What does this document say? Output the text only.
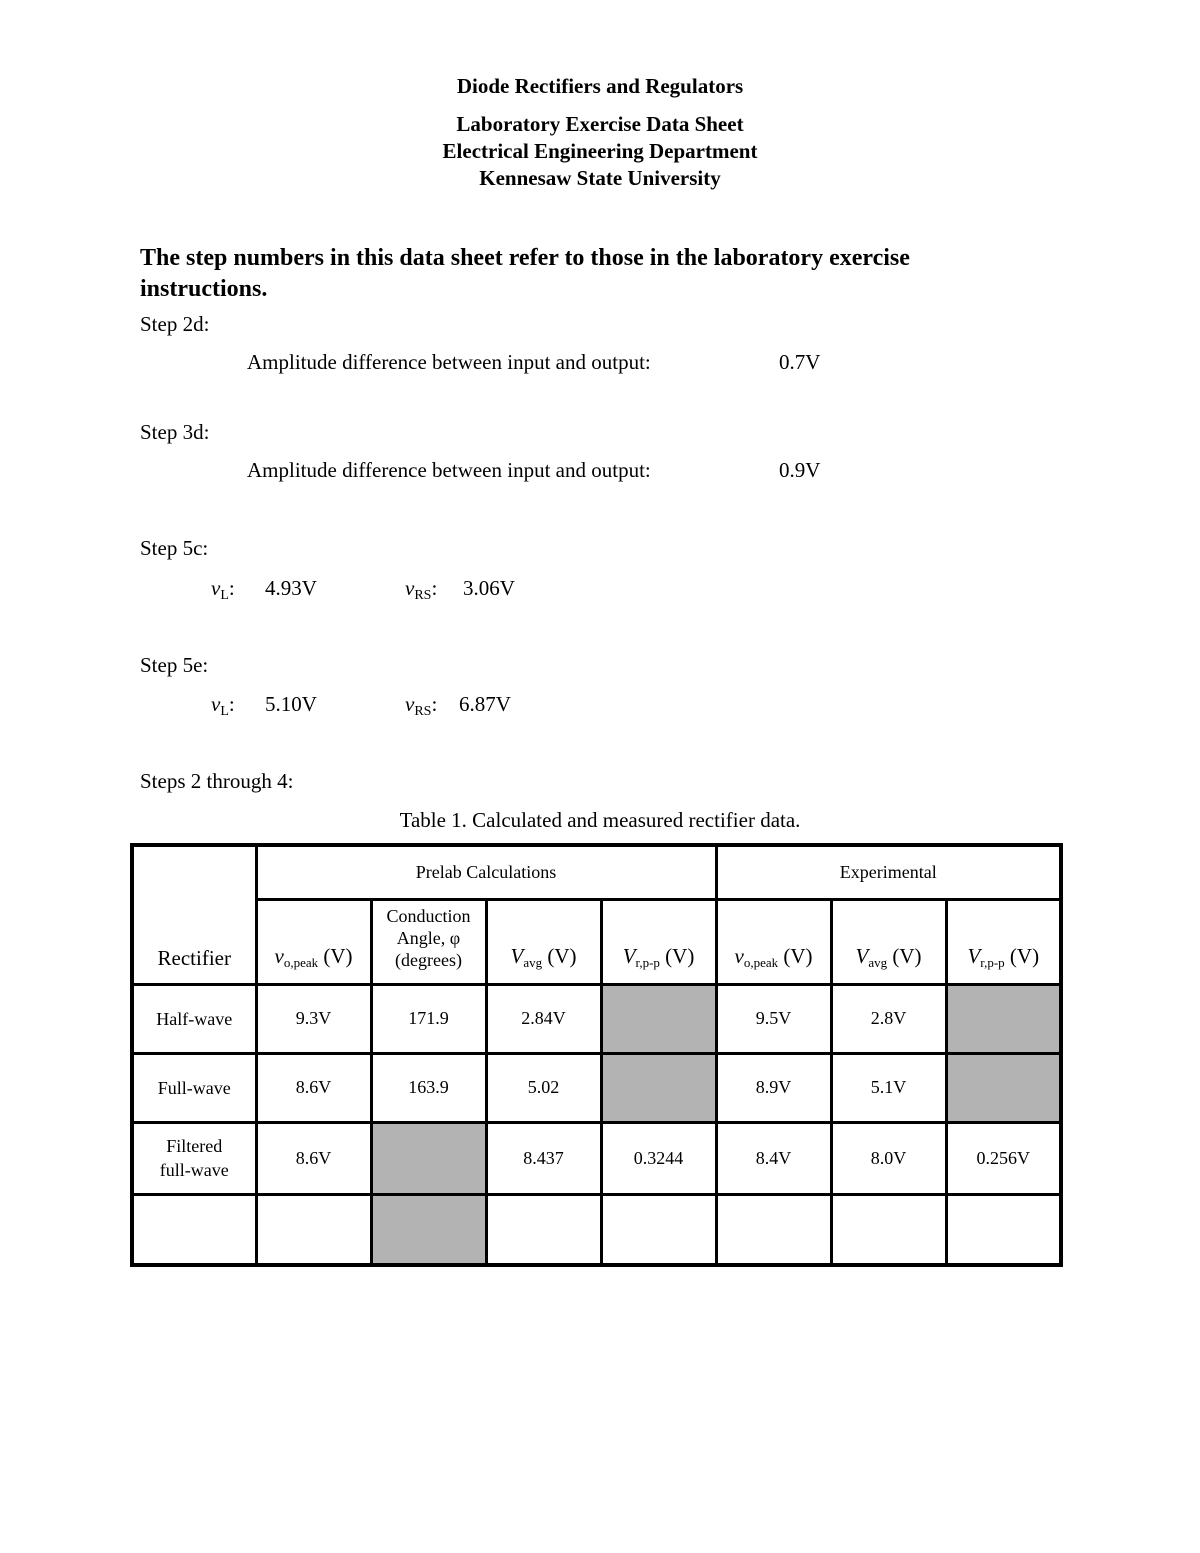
Diode Rectifiers and Regulators
Laboratory Exercise Data Sheet
Electrical Engineering Department
Kennesaw State University
The step numbers in this data sheet refer to those in the laboratory exercise instructions.
Step 2d:
Amplitude difference between input and output:	0.7V
Step 3d:
Amplitude difference between input and output:	0.9V
Step 5c:
$v_L$: 4.93V	$v_{RS}$: 3.06V
Step 5e:
$v_L$: 5.10V	$v_{RS}$: 6.87V
Steps 2 through 4:
Table 1. Calculated and measured rectifier data.
Rectifier	Prelab Calculations				Experimental		
	vo,peak (V)	Conduction
Angle, φ
(degrees)	Vavg (V)	Vr,p-p (V)	vo,peak (V)	Vavg (V)	Vr,p-p (V)

Half-wave	9.3V	171.9	2.84V		9.5V	2.8V	

Full-wave	8.6V	163.9	5.02		8.9V	5.1V	

Filtered
full-wave	8.6V		8.437	0.3244	8.4V	8.0V	0.256V
